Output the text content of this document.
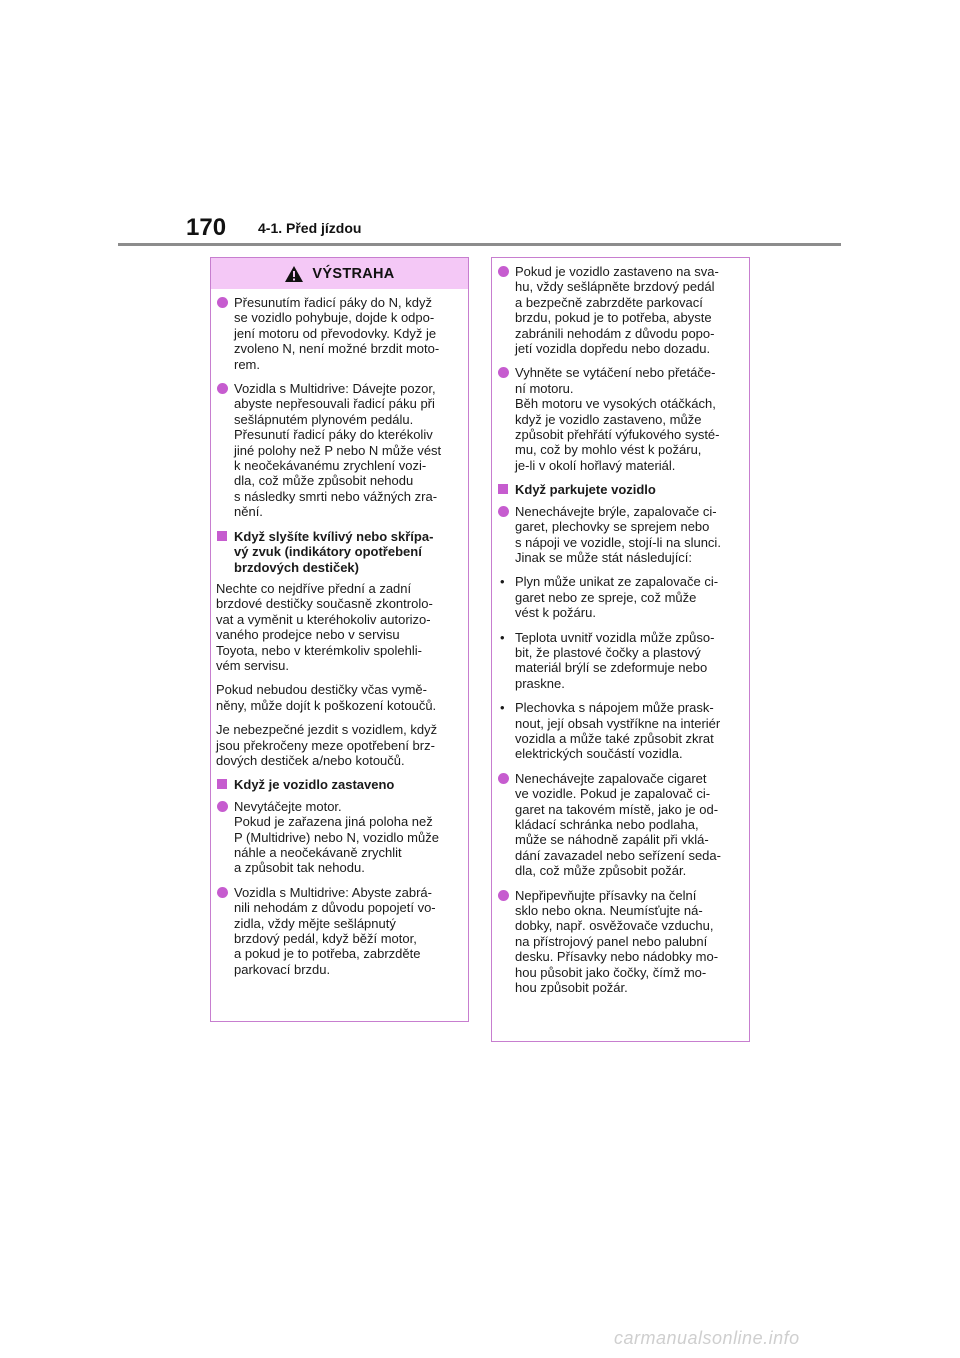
170 4-1. Před jízdou
VÝSTRAHA
Přesunutím řadicí páky do N, když
se vozidlo pohybuje, dojde k odpo-
jení motoru od převodovky. Když je
zvoleno N, není možné brzdit moto-
rem.
Vozidla s Multidrive: Dávejte pozor,
abyste nepřesouvali řadicí páku při
sešlápnutém plynovém pedálu.
Přesunutí řadicí páky do kterékoliv
jiné polohy než P nebo N může vést
k neočekávanému zrychlení vozi-
dla, což může způsobit nehodu
s následky smrti nebo vážných zra-
nění.
Když slyšíte kvílivý nebo skřípa-
vý zvuk (indikátory opotřebení
brzdových destiček)
Nechte co nejdříve přední a zadní
brzdové destičky současně zkontrolo-
vat a vyměnit u kteréhokoliv autorizo-
vaného prodejce nebo v servisu
Toyota, nebo v kterémkoliv spolehli-
vém servisu.
Pokud nebudou destičky včas vymě-
něny, může dojít k poškození kotoučů.
Je nebezpečné jezdit s vozidlem, když
jsou překročeny meze opotřebení brz-
dových destiček a/nebo kotoučů.
Když je vozidlo zastaveno
Nevytáčejte motor.
Pokud je zařazena jiná poloha než
P (Multidrive) nebo N, vozidlo může
náhle a neočekávaně zrychlit
a způsobit tak nehodu.
Vozidla s Multidrive: Abyste zabrá-
nili nehodám z důvodu popojetí vo-
zidla, vždy mějte sešlápnutý
brzdový pedál, když běží motor,
a pokud je to potřeba, zabrzděte
parkovací brzdu.
Pokud je vozidlo zastaveno na sva-
hu, vždy sešlápněte brzdový pedál
a bezpečně zabrzděte parkovací
brzdu, pokud je to potřeba, abyste
zabránili nehodám z důvodu popo-
jetí vozidla dopředu nebo dozadu.
Vyhněte se vytáčení nebo přetáče-
ní motoru.
Běh motoru ve vysokých otáčkách,
když je vozidlo zastaveno, může
způsobit přehřátí výfukového systé-
mu, což by mohlo vést k požáru,
je-li v okolí hořlavý materiál.
Když parkujete vozidlo
Nenechávejte brýle, zapalovače ci-
garet, plechovky se sprejem nebo
s nápoji ve vozidle, stojí-li na slunci.
Jinak se může stát následující:
• Plyn může unikat ze zapalovače ci-
garet nebo ze spreje, což může
vést k požáru.
• Teplota uvnitř vozidla může způso-
bit, že plastové čočky a plastový
materiál brýlí se zdeformuje nebo
praskne.
• Plechovka s nápojem může prask-
nout, její obsah vystříkne na interiér
vozidla a může také způsobit zkrat
elektrických součástí vozidla.
Nenechávejte zapalovače cigaret
ve vozidle. Pokud je zapalovač ci-
garet na takovém místě, jako je od-
kládací schránka nebo podlaha,
může se náhodně zapálit při vklá-
dání zavazadel nebo seřízení seda-
dla, což může způsobit požár.
Nepřipevňujte přísavky na čelní
sklo nebo okna. Neumísťujte ná-
dobky, např. osvěžovače vzduchu,
na přístrojový panel nebo palubní
desku. Přísavky nebo nádobky mo-
hou působit jako čočky, čímž mo-
hou způsobit požár.
carmanualsonline.info
